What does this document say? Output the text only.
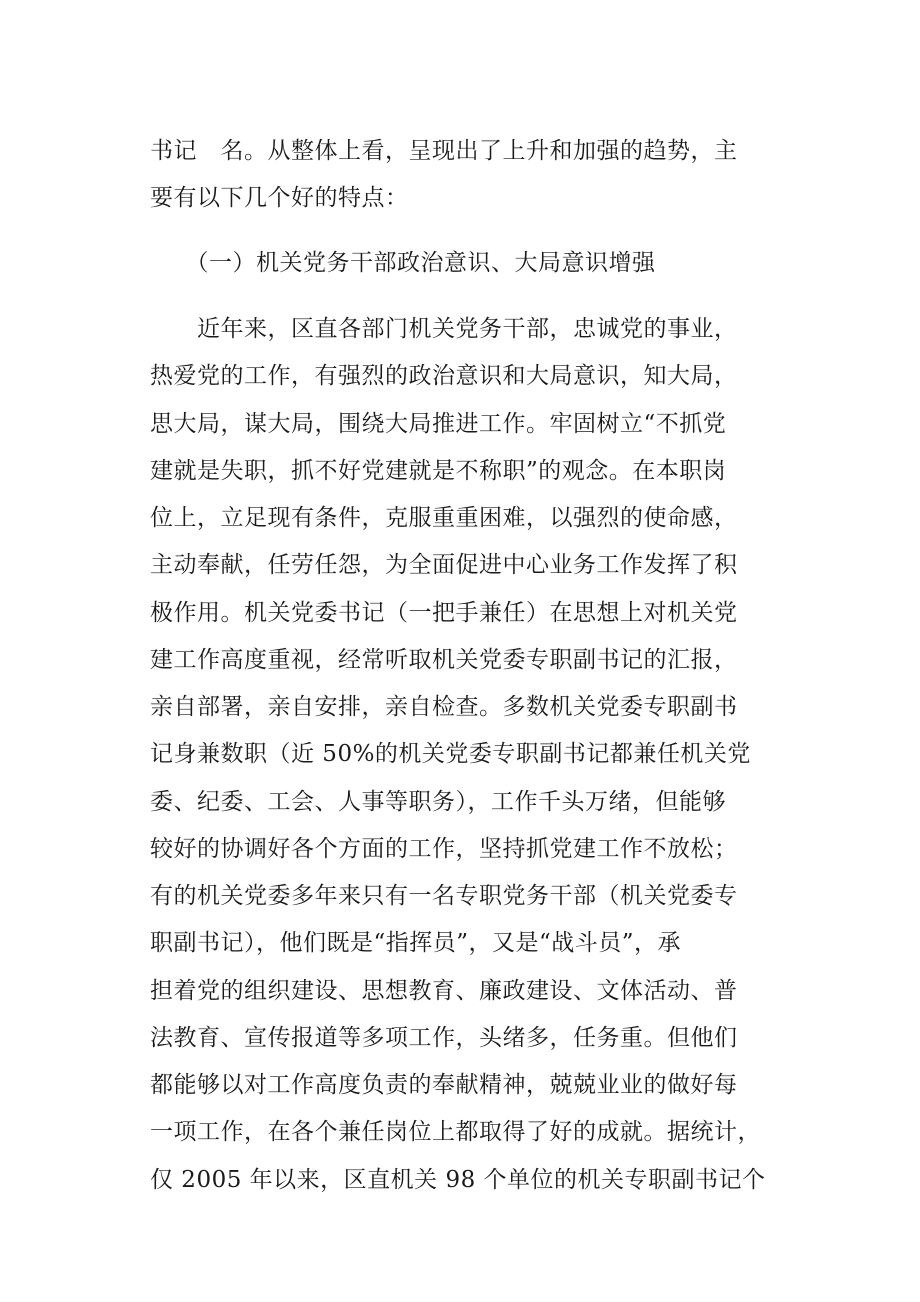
书记　名。从整体上看，呈现出了上升和加强的趋势，主
要有以下几个好的特点：
　　（一）机关党务干部政治意识、大局意识增强
　　近年来，区直各部门机关党务干部，忠诚党的事业，
热爱党的工作，有强烈的政治意识和大局意识，知大局，
思大局，谋大局，围绕大局推进工作。牢固树立“不抓党
建就是失职，抓不好党建就是不称职”的观念。在本职岗
位上，立足现有条件，克服重重困难，以强烈的使命感，
主动奉献，任劳任怨，为全面促进中心业务工作发挥了积
极作用。机关党委书记（一把手兼任）在思想上对机关党
建工作高度重视，经常听取机关党委专职副书记的汇报，
亲自部署，亲自安排，亲自检查。多数机关党委专职副书
记身兼数职（近 50%的机关党委专职副书记都兼任机关党
委、纪委、工会、人事等职务），工作千头万绪，但能够
较好的协调好各个方面的工作，坚持抓党建工作不放松；
有的机关党委多年来只有一名专职党务干部（机关党委专
职副书记），他们既是“指挥员”，又是“战斗员”，承
担着党的组织建设、思想教育、廉政建设、文体活动、普
法教育、宣传报道等多项工作，头绪多，任务重。但他们
都能够以对工作高度负责的奉献精神，兢兢业业的做好每
一项工作，在各个兼任岗位上都取得了好的成就。据统计，
仅 2005 年以来，区直机关 98 个单位的机关专职副书记个
